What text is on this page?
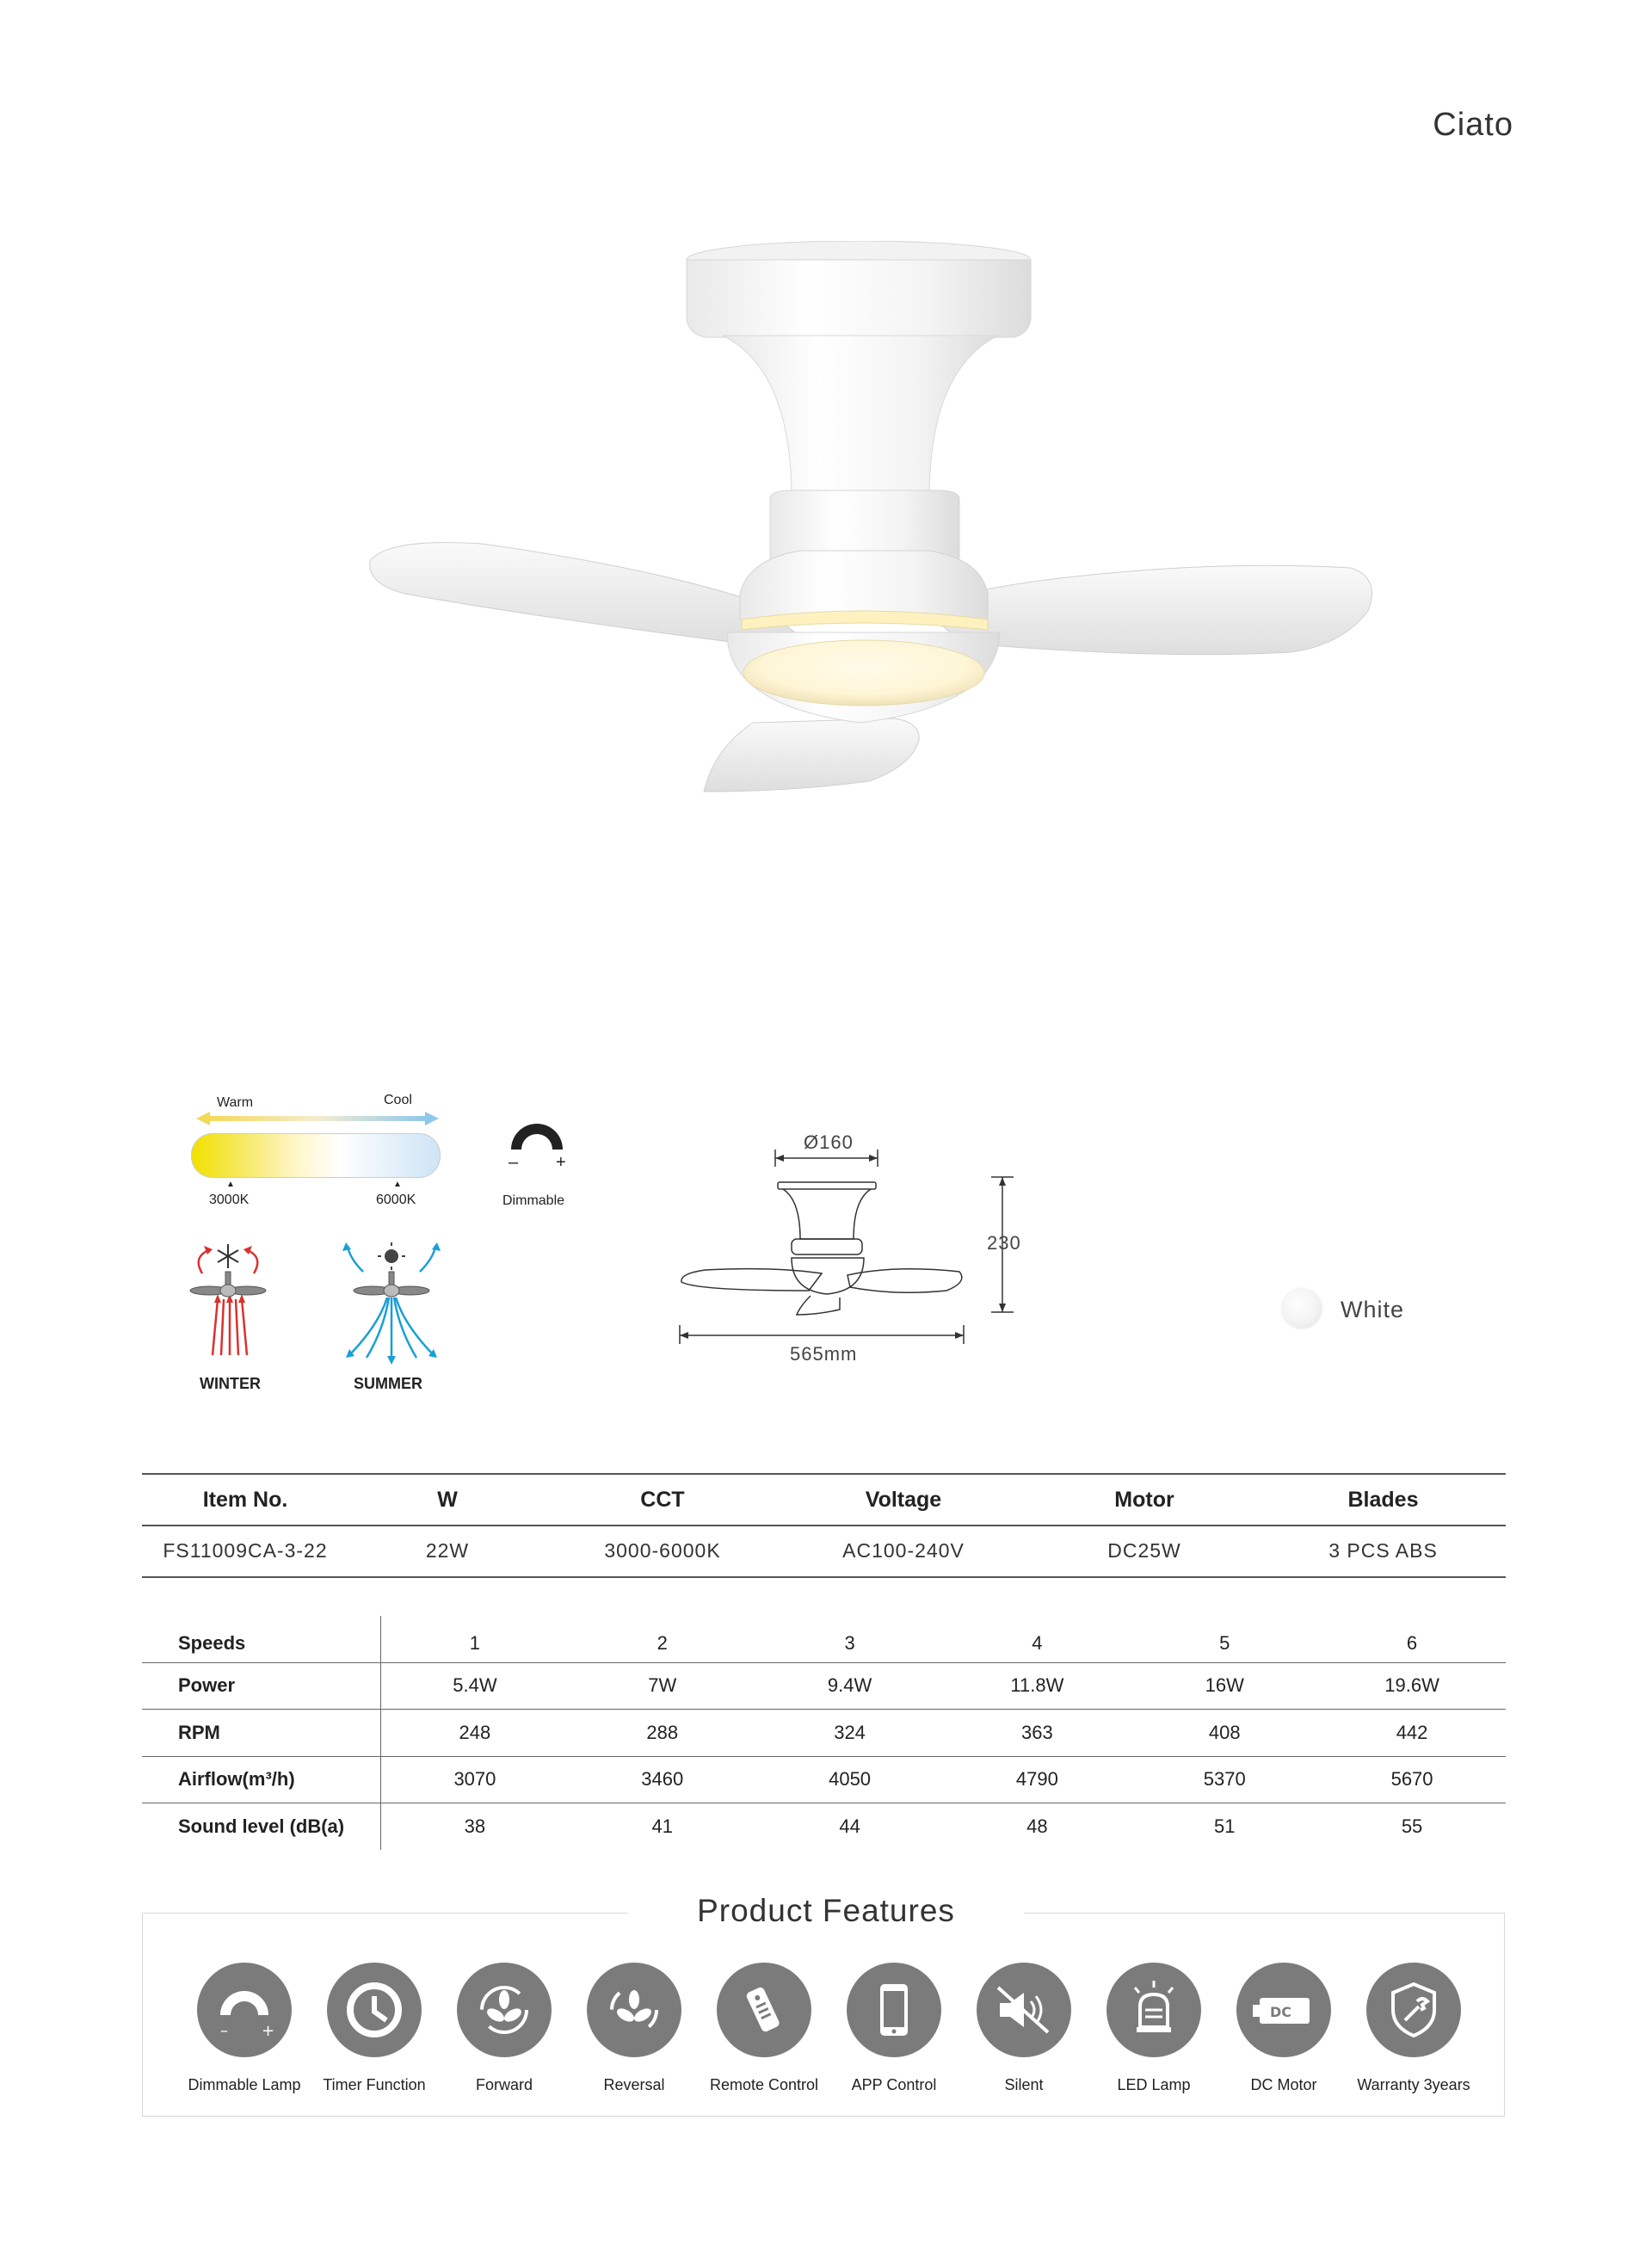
Ciato
Warm	Cool
▲	▲
3000K	6000K
– +
Dimmable
WINTER	SUMMER
Ø160
230
565mm
White
Item No.	W	CCT	Voltage	Motor	Blades
FS11009CA-3-22	22W	3000-6000K	AC100-240V	DC25W	3 PCS ABS
Speeds	1	2	3	4	5	6
Power	5.4W	7W	9.4W	11.8W	16W	19.6W
RPM	248	288	324	363	408	442
Airflow(m³/h)	3070	3460	4050	4790	5370	5670
Sound level (dB(a)	38	41	44	48	51	55
Product Features
– +
Dimmable Lamp	Timer Function	Forward	Reversal	Remote Control	APP Control	Silent	LED Lamp
DC
DC Motor	Warranty 3years
